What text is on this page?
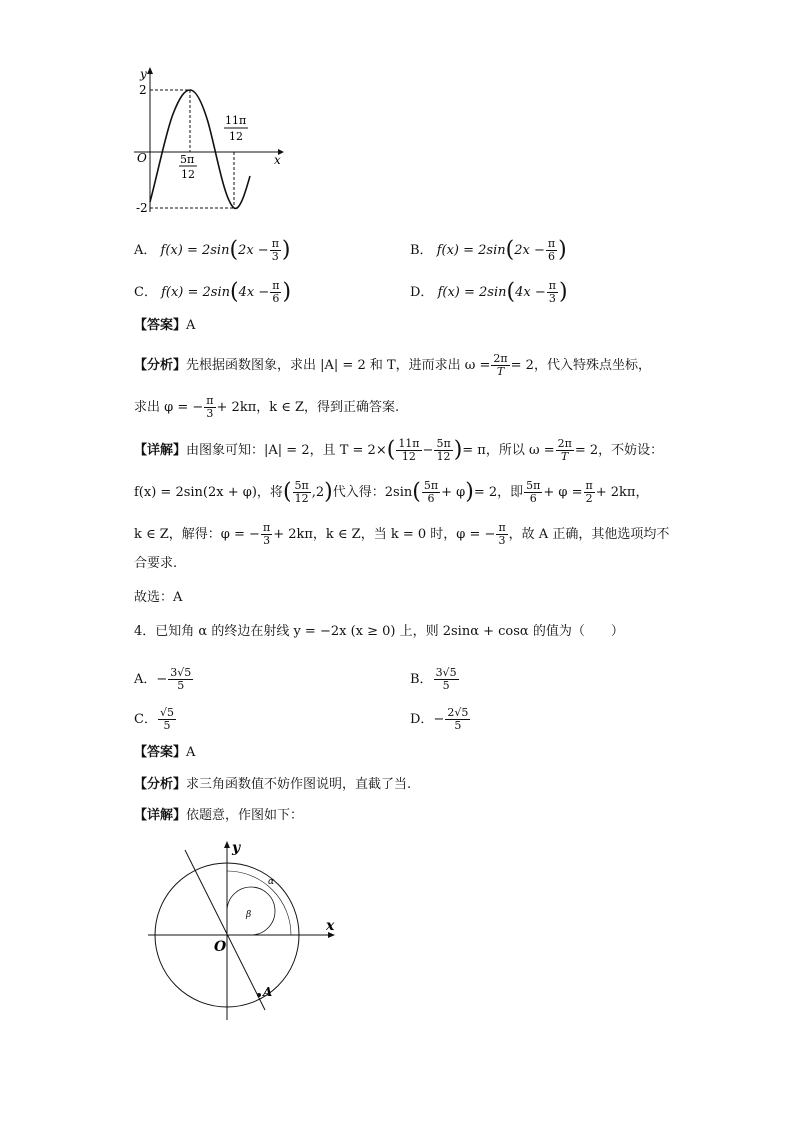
y
x
O
2
-2
5π
12
11π
12
A． $f(x) = 2\sin(2x - \frac{\pi}{3}$ )	B． $f(x) = 2\sin(2x - \frac{\pi}{6}$ )
C． $f(x) = 2\sin(4x - \frac{\pi}{6}$ )	D． $f(x) = 2\sin(4x - \frac{\pi}{3}$ )
【答案】A
【分析】先根据函数图象，求出 |A| = 2 和 T，进而求出 $\omega = \frac{2\pi}{T} = 2$，代入特殊点坐标，
求出 φ = − $\frac{\pi}{3} + 2k\pi$，k ∈ Z，得到正确答案.
【详解】由图象可知：|A| = 2，且 $T = 2\times( \frac{11\pi}{12} - \frac{5\pi}{12}$ )= π，所以 $\omega = \frac{2\pi}{T} = 2$，不妨设：
f(x) = 2sin(2x + φ)，将( $\frac{5\pi}{12} ,2$)代入得：$2\sin( \frac{5\pi}{6} + \varphi)= 2$，即 $\frac{5\pi}{6} + \varphi = \frac{\pi}{2} + 2k\pi$，
k ∈ Z，解得：φ = − $\frac{\pi}{3} + 2k\pi$，k ∈ Z，当 k = 0 时，φ = − $\frac{\pi}{3}$ ，故 A 正确，其他选项均不
合要求.
故选：A
4．已知角 α 的终边在射线 y = −2x (x ≥ 0) 上，则 2sinα + cosα 的值为（　　）
A．− $\frac{3√5}{5}$	B． $\frac{3√5}{5}$
C． $\frac{√5}{5}$	D．− $\frac{2√5}{5}$
【答案】A
【分析】求三角函数值不妨作图说明，直截了当.
【详解】依题意，作图如下：
y
x
O
α
β
A
